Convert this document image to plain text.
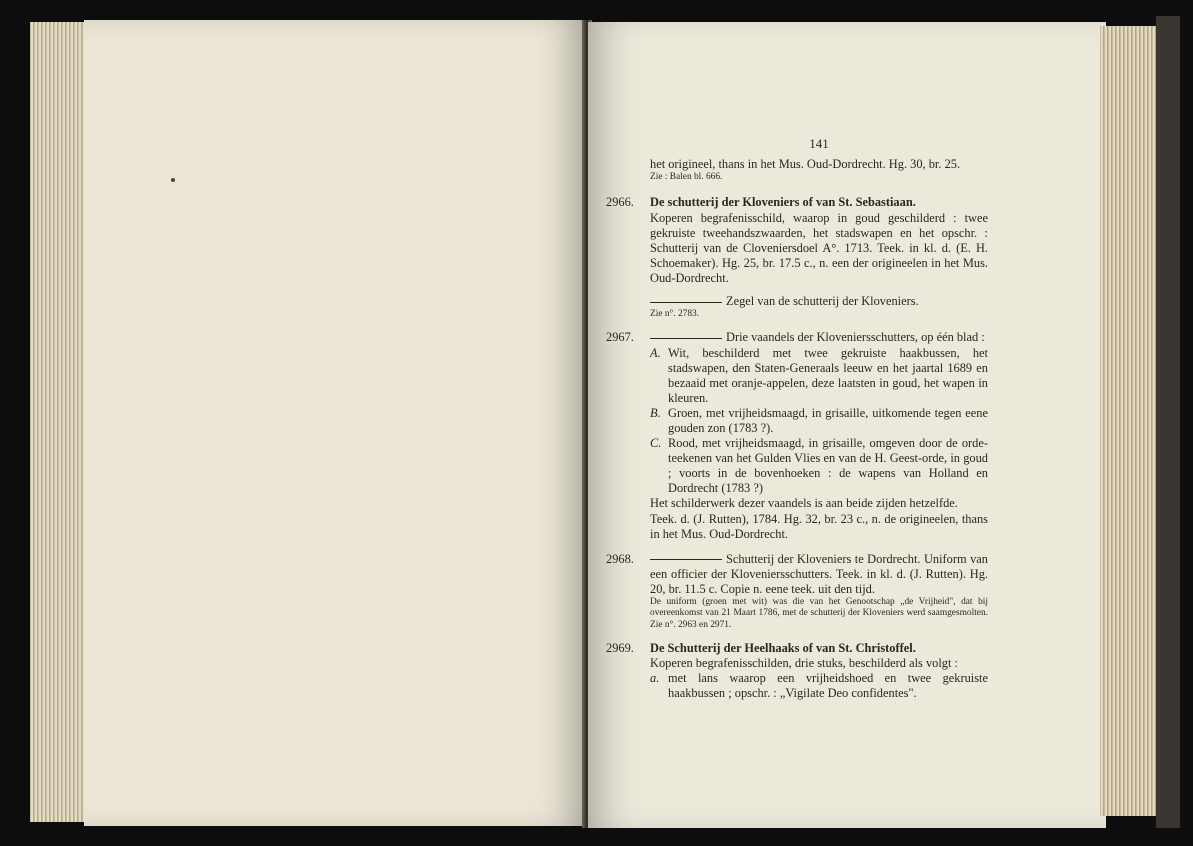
141

het origineel, thans in het Mus. Oud-Dordrecht. Hg. 30, br. 25.

Zie : Balen bl. 666.

2966. De schutterij der Kloveniers of van St. Sebastiaan.

Koperen begrafenisschild, waarop in goud geschilderd : twee gekruiste tweehandszwaarden, het stadswapen en het opschr. : Schutterij van de Cloveniersdoel A°. 1713. Teek. in kl. d. (E. H. Schoemaker). Hg. 25, br. 17.5 c., n. een der origineelen in het Mus. Oud-Dordrecht.

Zegel van de schutterij der Kloveniers.

Zie n°. 2783.

2967.	Drie vaandels der Kloveniersschutters, op één blad :

A. Wit, beschilderd met twee gekruiste haakbussen, het stadswapen, den Staten-Generaals leeuw en het jaartal 1689 en bezaaid met oranje-appelen, deze laatsten in goud, het wapen in kleuren.

B. Groen, met vrijheidsmaagd, in grisaille, uitkomende tegen eene gouden zon (1783 ?).

C. Rood, met vrijheidsmaagd, in grisaille, omgeven door de orde-teekenen van het Gulden Vlies en van de H. Geest-orde, in goud ; voorts in de bovenhoeken : de wapens van Holland en Dordrecht (1783 ?)

Het schilderwerk dezer vaandels is aan beide zijden hetzelfde.

Teek. d. (J. Rutten), 1784. Hg. 32, br. 23 c., n. de origineelen, thans in het Mus. Oud-Dordrecht.

2968.	Schutterij der Kloveniers te Dordrecht. Uniform van een officier der Kloveniersschutters. Teek. in kl. d. (J. Rutten). Hg. 20, br. 11.5 c. Copie n. eene teek. uit den tijd.

De uniform (groen met wit) was die van het Genootschap „de Vrijheid", dat bij overeenkomst van 21 Maart 1786, met de schutterij der Kloveniers werd saamgesmolten. Zie n°. 2963 en 2971.

2969. De Schutterij der Heelhaaks of van St. Christoffel.

Koperen begrafenisschilden, drie stuks, beschilderd als volgt :

a. met lans waarop een vrijheidshoed en twee gekruiste haakbussen ; opschr. : „Vigilate Deo confidentes".
